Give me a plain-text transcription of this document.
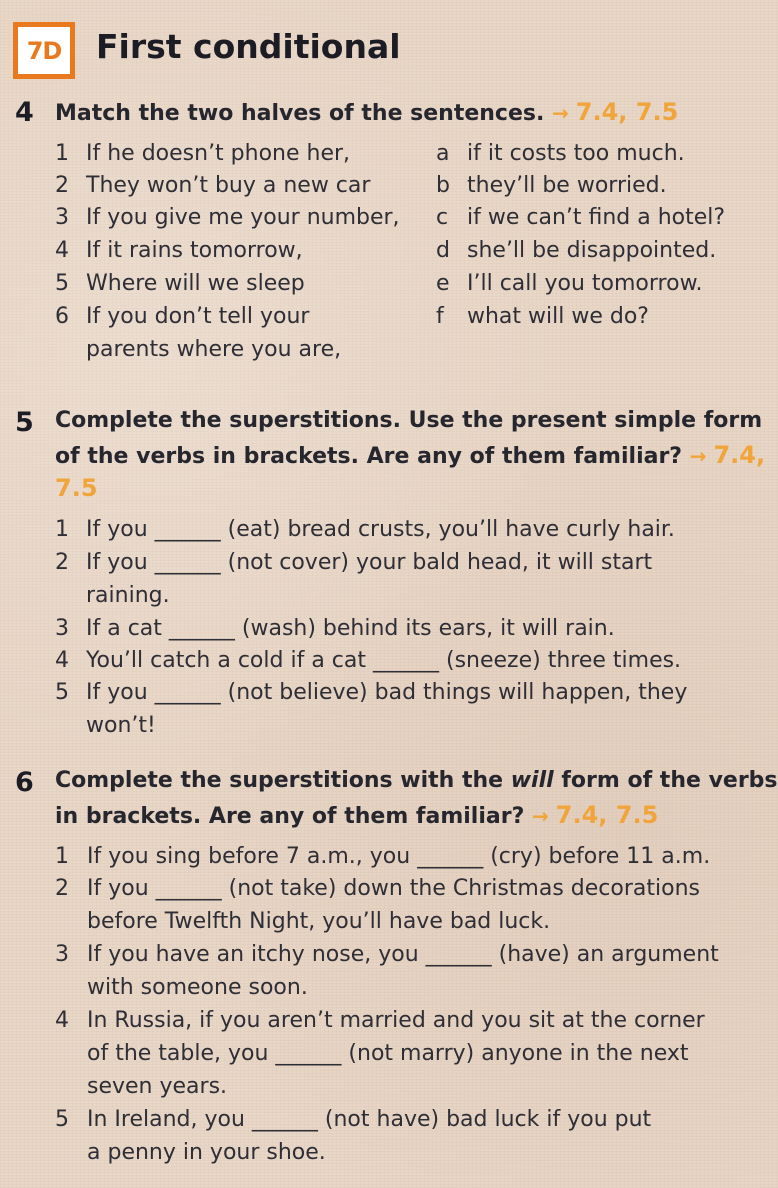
7D First conditional
4 Match the two halves of the sentences. → 7.4, 7.5
1 If he doesn’t phone her,
2 They won’t buy a new car
3 If you give me your number,
4 If it rains tomorrow,
5 Where will we sleep
6 If you don’t tell your
parents where you are,
a if it costs too much.
b they’ll be worried.
c if we can’t find a hotel?
d she’ll be disappointed.
e I’ll call you tomorrow.
f what will we do?
5 Complete the superstitions. Use the present simple form
of the verbs in brackets. Are any of them familiar? → 7.4,
7.5
1 If you ______ (eat) bread crusts, you’ll have curly hair.
2 If you ______ (not cover) your bald head, it will start
raining.
3 If a cat ______ (wash) behind its ears, it will rain.
4 You’ll catch a cold if a cat ______ (sneeze) three times.
5 If you ______ (not believe) bad things will happen, they
won’t!
6 Complete the superstitions with the will form of the verbs
in brackets. Are any of them familiar? → 7.4, 7.5
1 If you sing before 7 a.m., you ______ (cry) before 11 a.m.
2 If you ______ (not take) down the Christmas decorations
before Twelfth Night, you’ll have bad luck.
3 If you have an itchy nose, you ______ (have) an argument
with someone soon.
4 In Russia, if you aren’t married and you sit at the corner
of the table, you ______ (not marry) anyone in the next
seven years.
5 In Ireland, you ______ (not have) bad luck if you put
a penny in your shoe.
